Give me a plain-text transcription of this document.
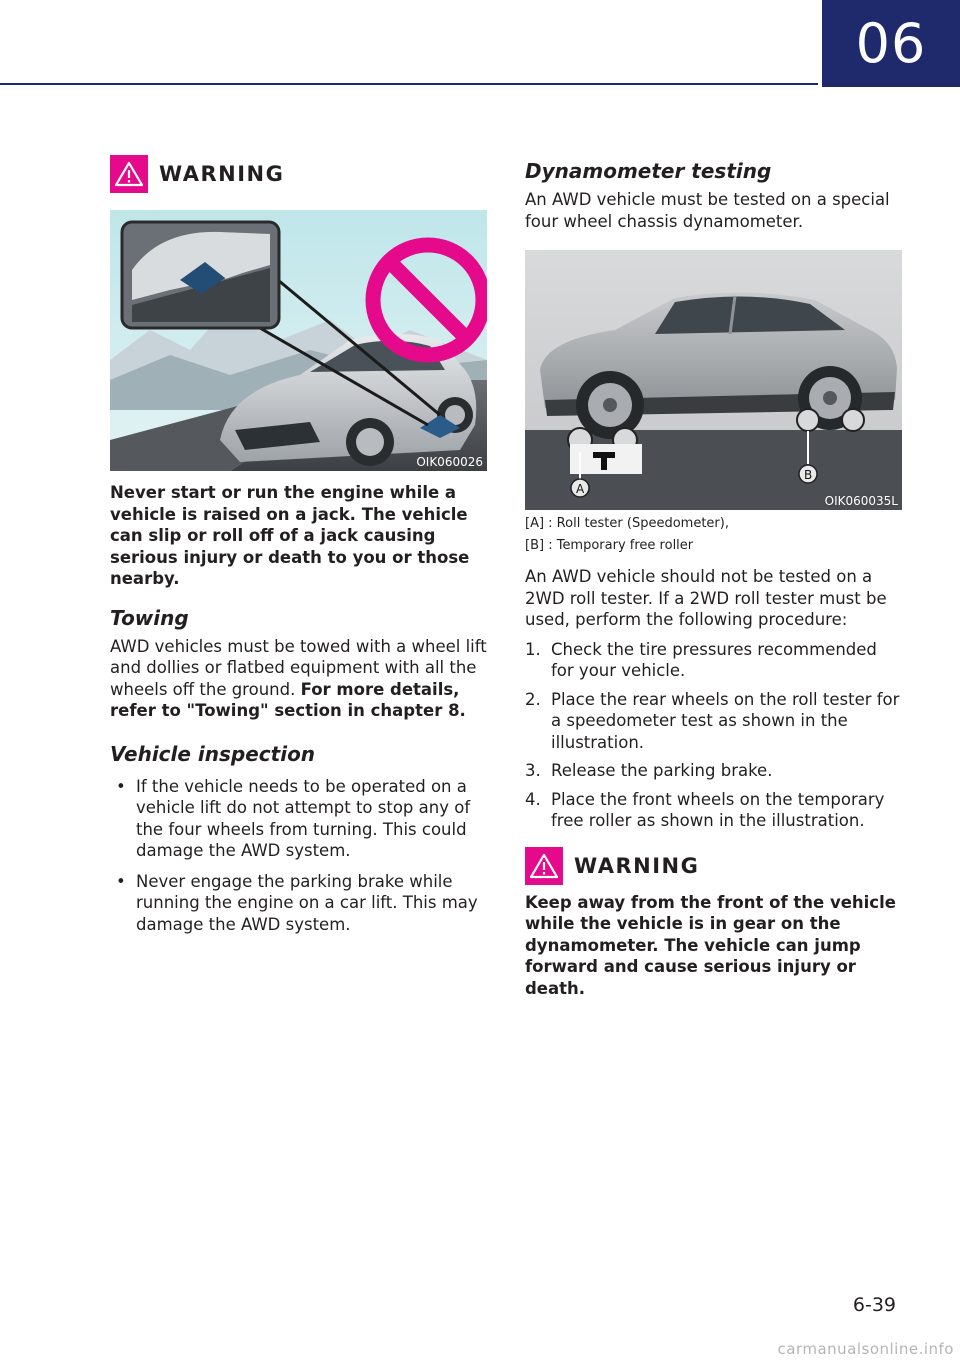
06
WARNING
OIK060026

Never start or run the engine while a vehicle is raised on a jack. The vehicle can slip or roll off of a jack causing serious injury or death to you or those nearby.

Towing

AWD vehicles must be towed with a wheel lift and dollies or flatbed equipment with all the wheels off the ground. For more details, refer to "Towing" section in chapter 8.

Vehicle inspection
• If the vehicle needs to be operated on a vehicle lift do not attempt to stop any of the four wheels from turning. This could damage the AWD system.
• Never engage the parking brake while running the engine on a car lift. This may damage the AWD system.
Dynamometer testing

An AWD vehicle must be tested on a special four wheel chassis dynamometer.

A
B
OIK060035L

[A] : Roll tester (Speedometer),

[B] : Temporary free roller

An AWD vehicle should not be tested on a 2WD roll tester. If a 2WD roll tester must be used, perform the following procedure:

1. Check the tire pressures recommended for your vehicle.
2. Place the rear wheels on the roll tester for a speedometer test as shown in the illustration.
3. Release the parking brake.
4. Place the front wheels on the temporary free roller as shown in the illustration.
WARNING

Keep away from the front of the vehicle while the vehicle is in gear on the dynamometer. The vehicle can jump forward and cause serious injury or death.

6-39
carmanualsonline.info
